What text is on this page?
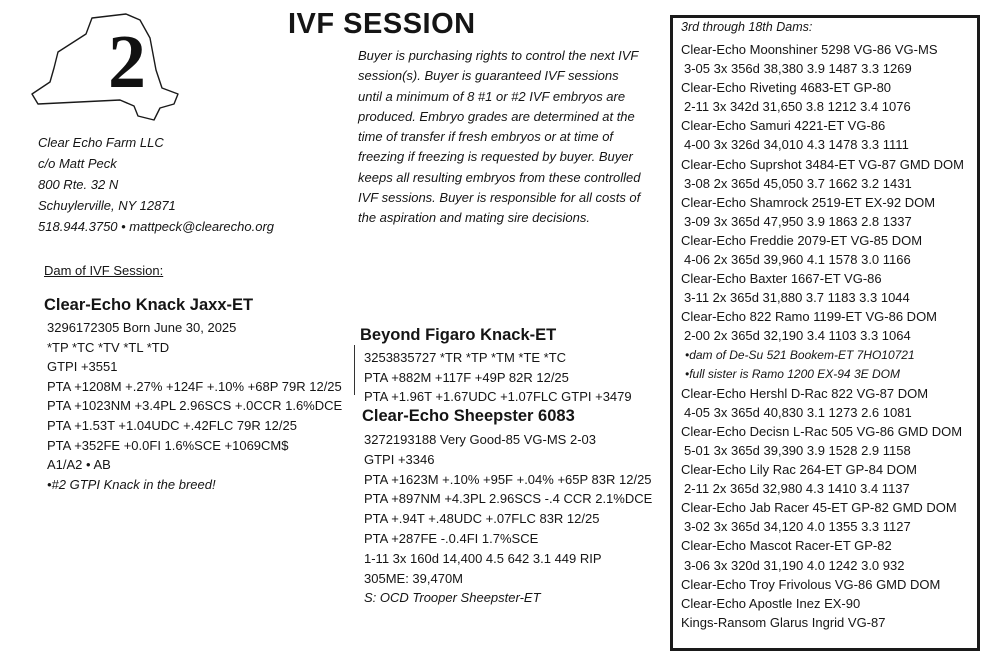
2	IVF SESSION
Clear Echo Farm LLC
c/o Matt Peck
800 Rte. 32 N
Schuylerville, NY 12871
518.944.3750 • mattpeck@clearecho.org
Buyer is purchasing rights to control the next IVF
session(s). Buyer is guaranteed IVF sessions
until a minimum of 8 #1 or #2 IVF embryos are
produced. Embryo grades are determined at the
time of transfer if fresh embryos or at time of
freezing if freezing is requested by buyer. Buyer
keeps all resulting embryos from these controlled
IVF sessions. Buyer is responsible for all costs of
the aspiration and mating sire decisions.
Dam of IVF Session:
Clear-Echo Knack Jaxx-ET
3296172305 Born June 30, 2025
*TP *TC *TV *TL *TD
GTPI +3551
PTA +1208M +.27% +124F +.10% +68P 79R 12/25
PTA +1023NM +3.4PL 2.96SCS +.0CCR 1.6%DCE
PTA +1.53T +1.04UDC +.42FLC 79R 12/25
PTA +352FE +0.0FI 1.6%SCE +1069CM$
A1/A2 • AB
•#2 GTPI Knack in the breed!
Beyond Figaro Knack-ET
3253835727 *TR *TP *TM *TE *TC
PTA +882M +117F +49P 82R 12/25
PTA +1.96T +1.67UDC +1.07FLC GTPI +3479
Clear-Echo Sheepster 6083
3272193188 Very Good-85 VG-MS 2-03
GTPI +3346
PTA +1623M +.10% +95F +.04% +65P 83R 12/25
PTA +897NM +4.3PL 2.96SCS -.4 CCR 2.1%DCE
PTA +.94T +.48UDC +.07FLC 83R 12/25
PTA +287FE -.0.4FI 1.7%SCE
1-11 3x 160d 14,400 4.5 642 3.1 449 RIP
305ME: 39,470M
S: OCD Trooper Sheepster-ET
3rd through 18th Dams:
Clear-Echo Moonshiner 5298 VG-86 VG-MS
3-05 3x 356d 38,380 3.9 1487 3.3 1269
Clear-Echo Riveting 4683-ET GP-80
2-11 3x 342d 31,650 3.8 1212 3.4 1076
Clear-Echo Samuri 4221-ET VG-86
4-00 3x 326d 34,010 4.3 1478 3.3 1111
Clear-Echo Suprshot 3484-ET VG-87 GMD DOM
3-08 2x 365d 45,050 3.7 1662 3.2 1431
Clear-Echo Shamrock 2519-ET EX-92 DOM
3-09 3x 365d 47,950 3.9 1863 2.8 1337
Clear-Echo Freddie 2079-ET VG-85 DOM
4-06 2x 365d 39,960 4.1 1578 3.0 1166
Clear-Echo Baxter 1667-ET VG-86
3-11 2x 365d 31,880 3.7 1183 3.3 1044
Clear-Echo 822 Ramo 1199-ET VG-86 DOM
2-00 2x 365d 32,190 3.4 1103 3.3 1064
•dam of De-Su 521 Bookem-ET 7HO10721
•full sister is Ramo 1200 EX-94 3E DOM
Clear-Echo Hershl D-Rac 822 VG-87 DOM
4-05 3x 365d 40,830 3.1 1273 2.6 1081
Clear-Echo Decisn L-Rac 505 VG-86 GMD DOM
5-01 3x 365d 39,390 3.9 1528 2.9 1158
Clear-Echo Lily Rac 264-ET GP-84 DOM
2-11 2x 365d 32,980 4.3 1410 3.4 1137
Clear-Echo Jab Racer 45-ET GP-82 GMD DOM
3-02 3x 365d 34,120 4.0 1355 3.3 1127
Clear-Echo Mascot Racer-ET GP-82
3-06 3x 320d 31,190 4.0 1242 3.0 932
Clear-Echo Troy Frivolous VG-86 GMD DOM
Clear-Echo Apostle Inez EX-90
Kings-Ransom Glarus Ingrid VG-87
